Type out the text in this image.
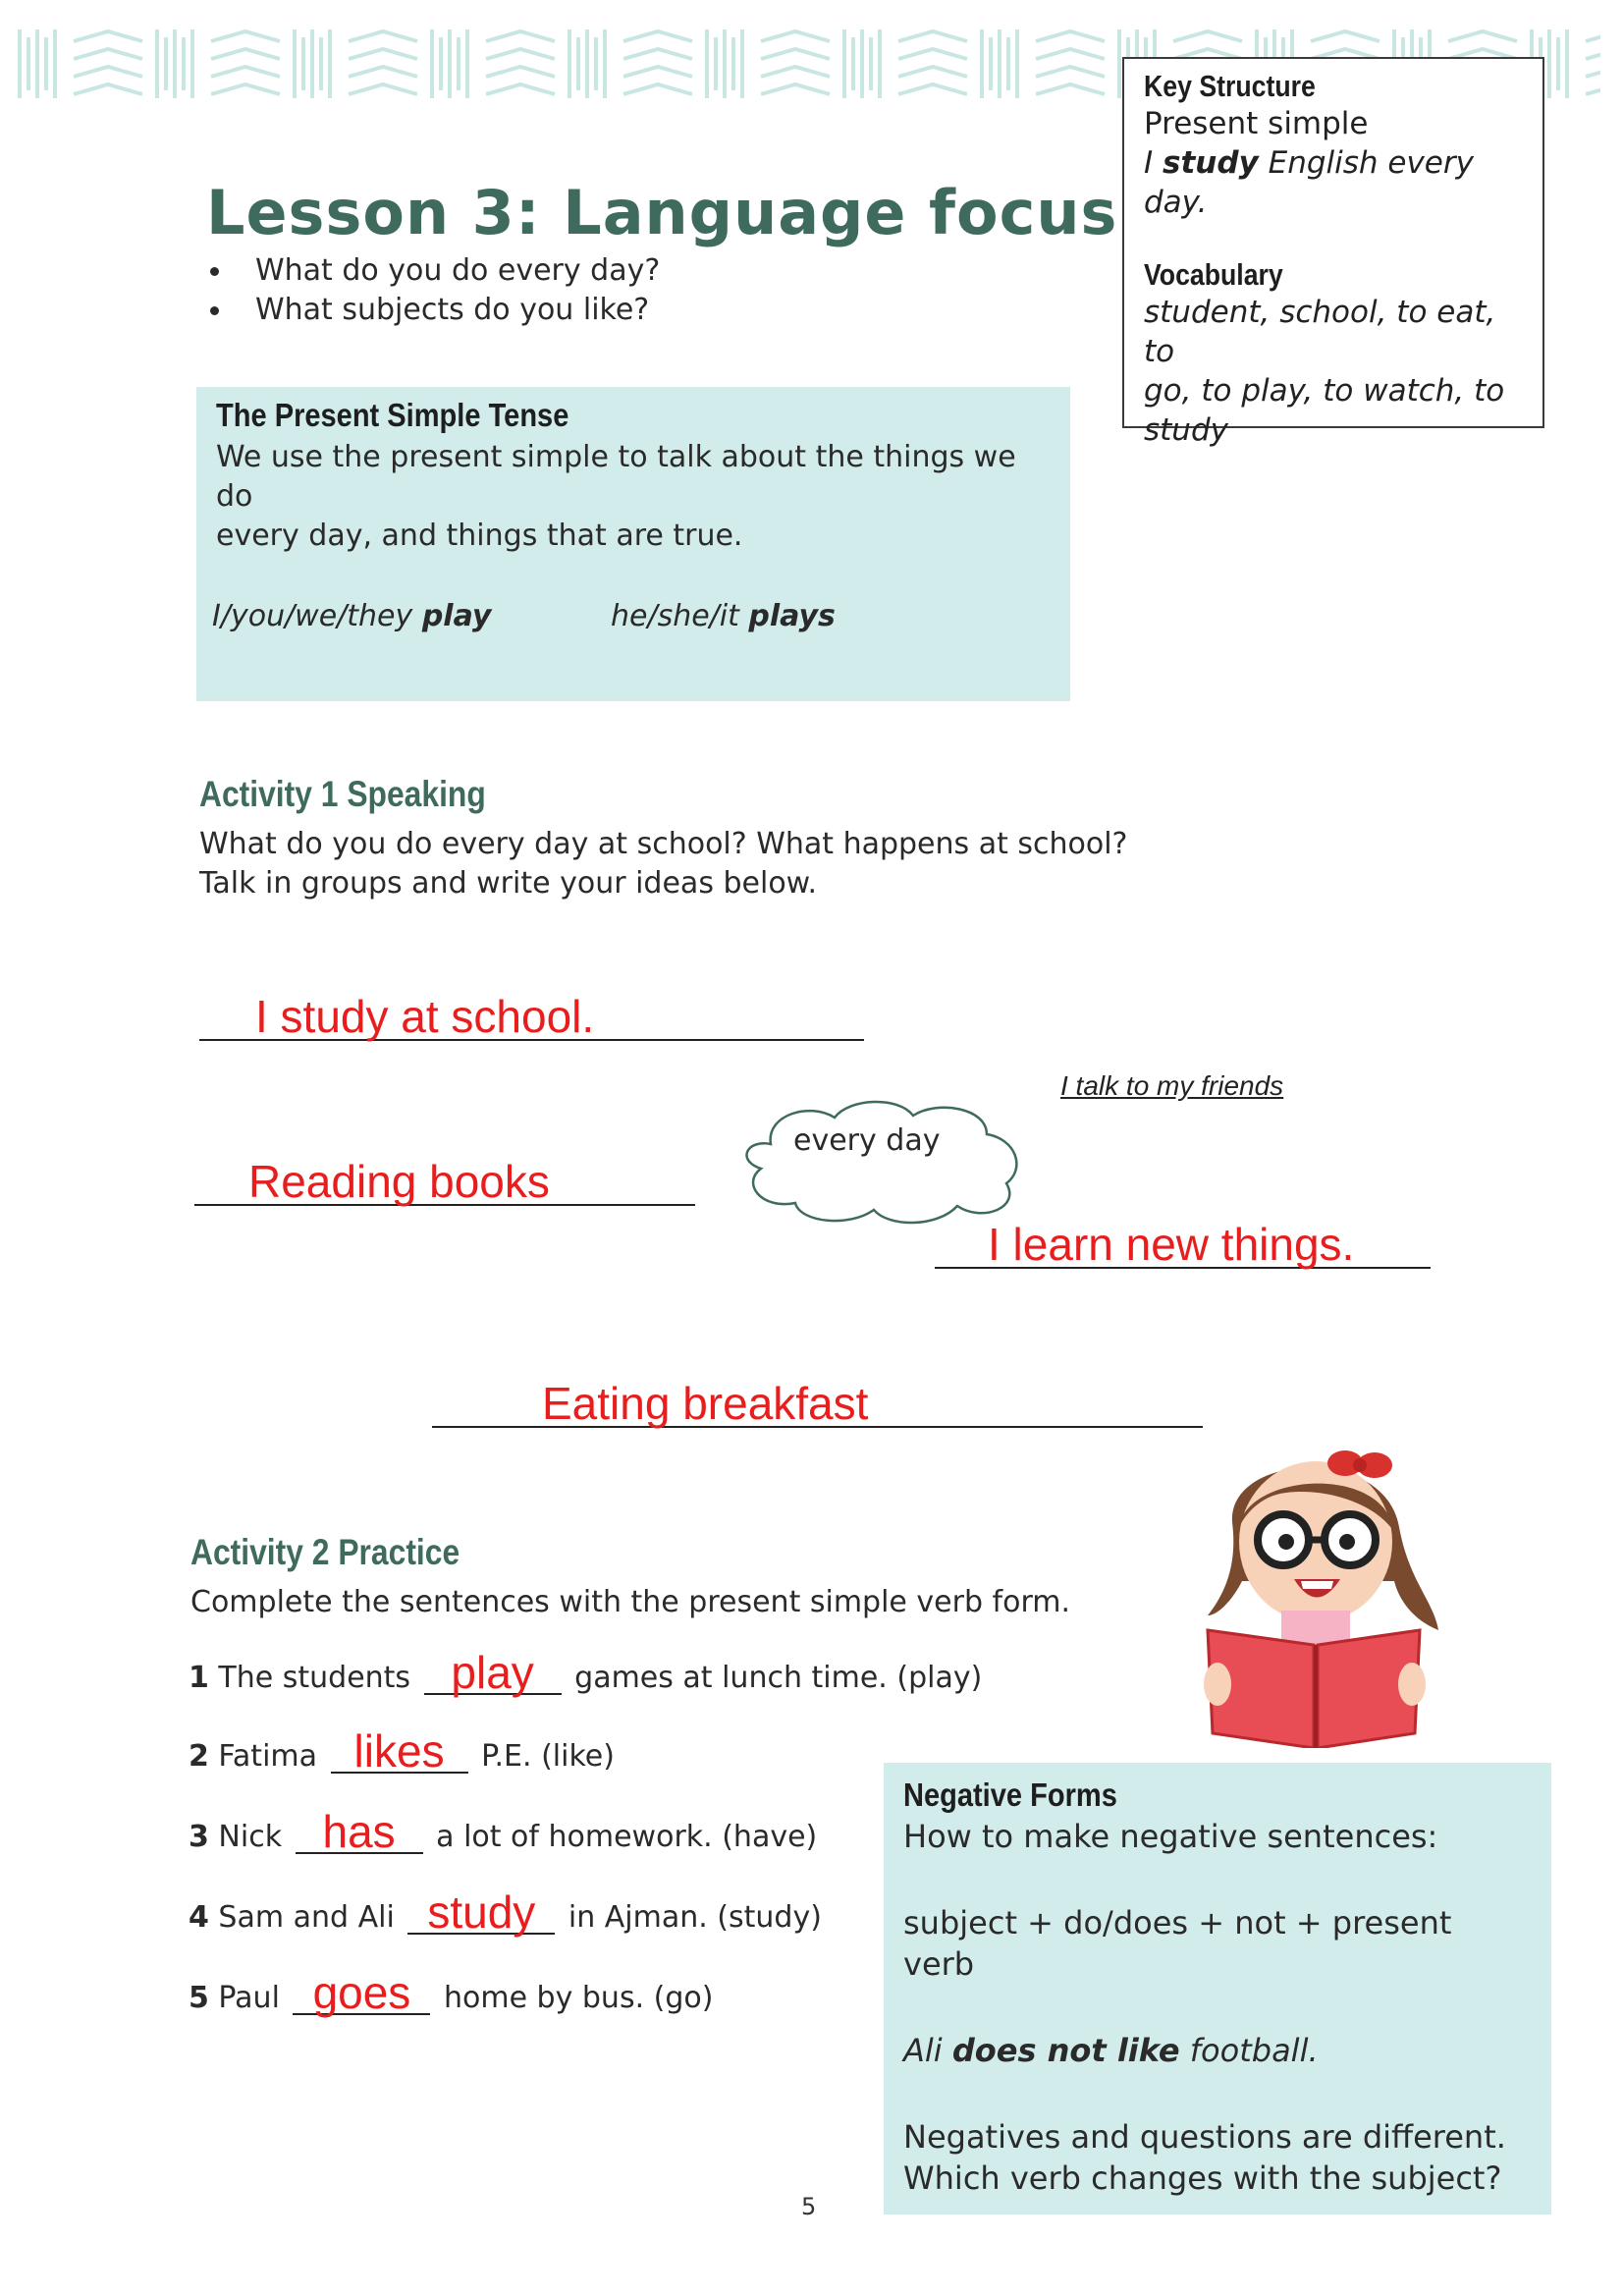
Key Structure
Present simple
I study English every day.
Vocabulary
student, school, to eat, to
go, to play, to watch, to
study
Lesson 3: Language focus
What do you do every day?
What subjects do you like?
The Present Simple Tense
We use the present simple to talk about the things we do
every day, and things that are true.
I/you/we/they play	he/she/it plays
Activity 1 Speaking
What do you do every day at school? What happens at school?
Talk in groups and write your ideas below.
I study at school.
I talk to my friends
Reading books
every day
I learn new things.
Eating breakfast
Activity 2 Practice
Complete the sentences with the present simple verb form.
1 The students play	games at lunch time. (play)
2 Fatima likes P.E. (like)
3 Nick has	a lot of homework. (have)
4 Sam and Ali study in Ajman. (study)
5 Paul goes home by bus. (go)
Negative Forms
How to make negative sentences:
subject + do/does + not + present verb
Ali does not like football.
Negatives and questions are different.
Which verb changes with the subject?
5
